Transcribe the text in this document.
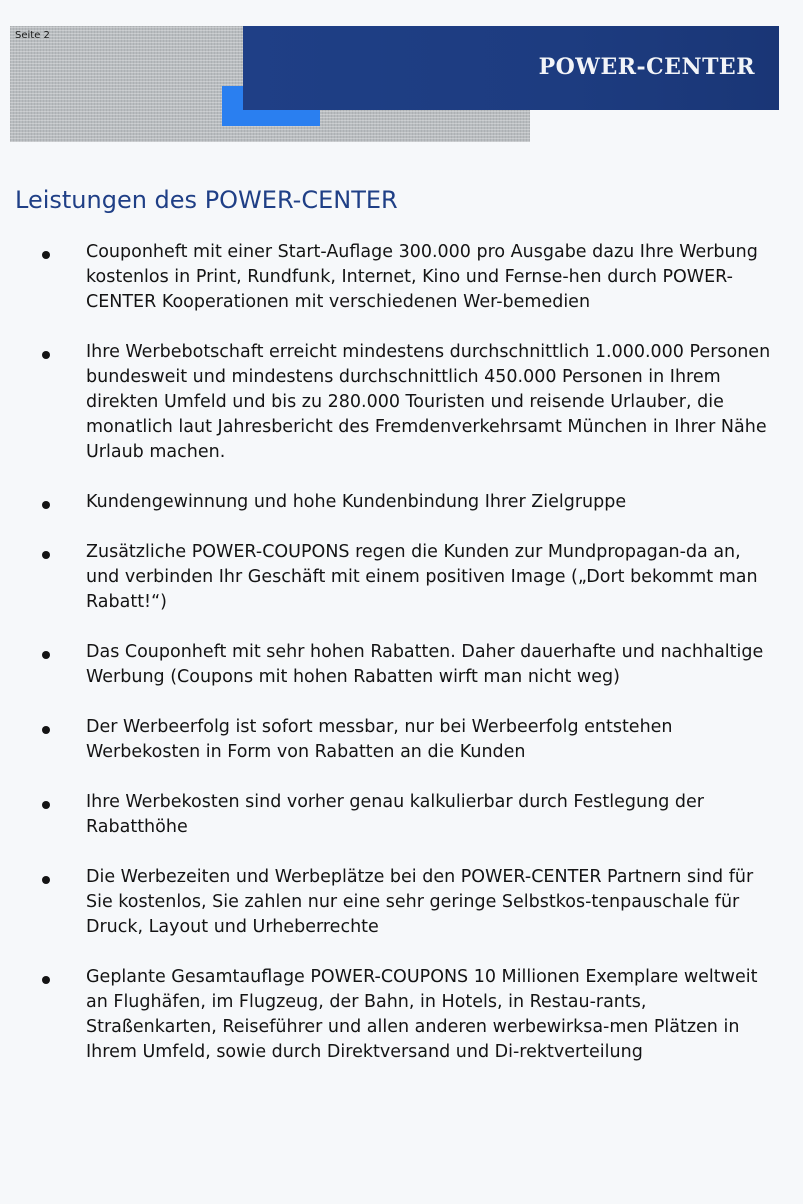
POWER-CENTER
Seite 2
Leistungen des POWER-CENTER
Couponheft mit einer Start-Auflage 300.000 pro Ausgabe dazu Ihre Werbung kostenlos in Print, Rundfunk, Internet, Kino und Fernse-hen durch POWER-CENTER Kooperationen mit verschiedenen Wer-bemedien
Ihre Werbebotschaft erreicht mindestens durchschnittlich 1.000.000 Personen bundesweit und mindestens durchschnittlich 450.000 Personen in Ihrem direkten Umfeld und bis zu 280.000 Touristen und reisende Urlauber, die monatlich laut Jahresbericht des Fremdenverkehrsamt München in Ihrer Nähe Urlaub machen.
Kundengewinnung und hohe Kundenbindung Ihrer Zielgruppe
Zusätzliche POWER-COUPONS regen die Kunden zur Mundpropagan-da an, und verbinden Ihr Geschäft mit einem positiven Image („Dort bekommt man Rabatt!“)
Das Couponheft mit sehr hohen Rabatten. Daher dauerhafte und nachhaltige Werbung (Coupons mit hohen Rabatten wirft man nicht weg)
Der Werbeerfolg ist sofort messbar, nur bei Werbeerfolg entstehen Werbekosten in Form von Rabatten an die Kunden
Ihre Werbekosten sind vorher genau kalkulierbar durch Festlegung der Rabatthöhe
Die Werbezeiten und Werbeplätze bei den POWER-CENTER Partnern sind für Sie kostenlos, Sie zahlen nur eine sehr geringe Selbstkos-tenpauschale für Druck, Layout und Urheberrechte
Geplante Gesamtauflage POWER-COUPONS 10 Millionen Exemplare weltweit an Flughäfen, im Flugzeug, der Bahn, in Hotels, in Restau-rants, Straßenkarten, Reiseführer und allen anderen werbewirksa-men Plätzen in Ihrem Umfeld, sowie durch Direktversand und Di-rektverteilung
